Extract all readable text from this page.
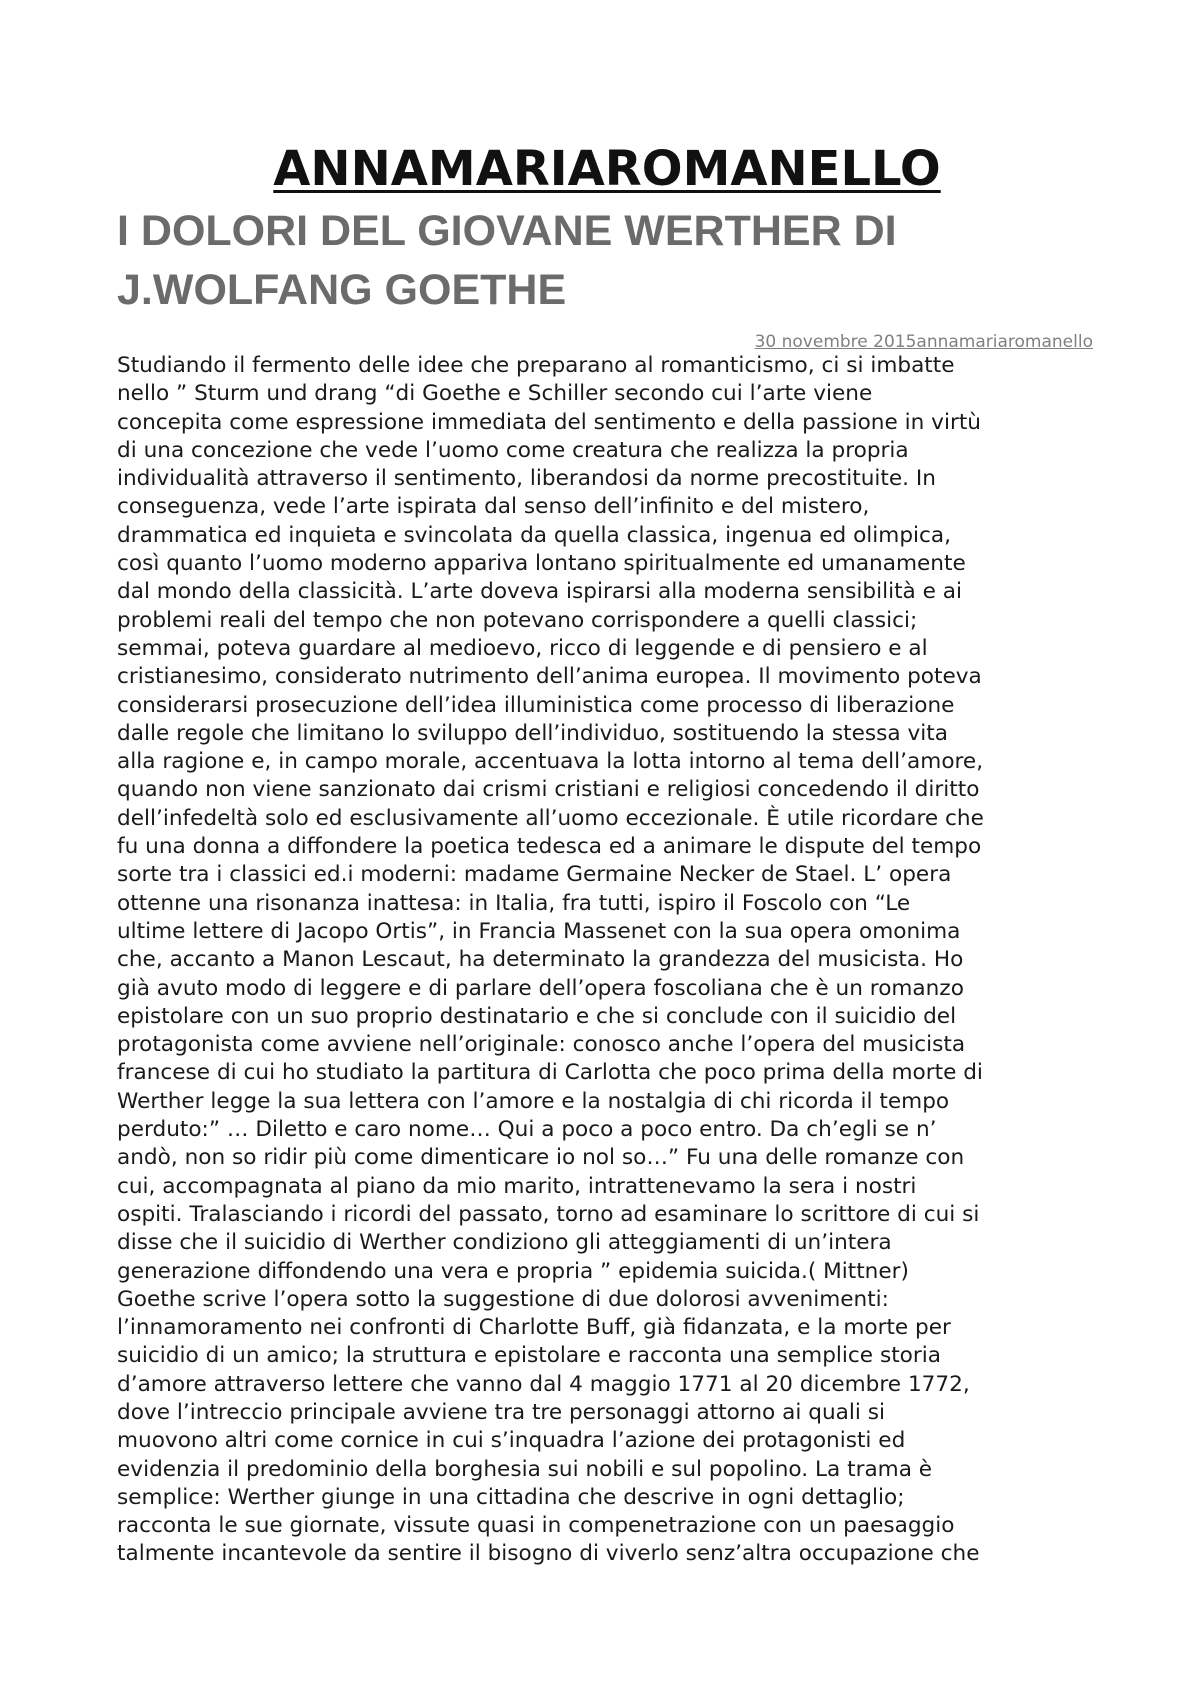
ANNAMARIAROMANELLO
I DOLORI DEL GIOVANE WERTHER DI J.WOLFANG GOETHE
30 novembre 2015annamariaromanello
Studiando il fermento delle idee che preparano al romanticismo, ci si imbatte
nello ” Sturm und drang “di Goethe e Schiller secondo cui l’arte viene
concepita come espressione immediata del sentimento e della passione in virtù
di una concezione che vede l’uomo come creatura che realizza la propria
individualità attraverso il sentimento, liberandosi da norme precostituite. In
conseguenza, vede l’arte ispirata dal senso dell’infinito e del mistero,
drammatica ed inquieta e svincolata da quella classica, ingenua ed olimpica,
così quanto l’uomo moderno appariva lontano spiritualmente ed umanamente
dal mondo della classicità. L’arte doveva ispirarsi alla moderna sensibilità e ai
problemi reali del tempo che non potevano corrispondere a quelli classici;
semmai, poteva guardare al medioevo, ricco di leggende e di pensiero e al
cristianesimo, considerato nutrimento dell’anima europea. Il movimento poteva
considerarsi prosecuzione dell’idea illuministica come processo di liberazione
dalle regole che limitano lo sviluppo dell’individuo, sostituendo la stessa vita
alla ragione e, in campo morale, accentuava la lotta intorno al tema dell’amore,
quando non viene sanzionato dai crismi cristiani e religiosi concedendo il diritto
dell’infedeltà solo ed esclusivamente all’uomo eccezionale. È utile ricordare che
fu una donna a diffondere la poetica tedesca ed a animare le dispute del tempo
sorte tra i classici ed.i moderni: madame Germaine Necker de Stael. L’ opera
ottenne una risonanza inattesa: in Italia, fra tutti, ispiro il Foscolo con “Le
ultime lettere di Jacopo Ortis”, in Francia Massenet con la sua opera omonima
che, accanto a Manon Lescaut, ha determinato la grandezza del musicista. Ho
già avuto modo di leggere e di parlare dell’opera foscoliana che è un romanzo
epistolare con un suo proprio destinatario e che si conclude con il suicidio del
protagonista come avviene nell’originale: conosco anche l’opera del musicista
francese di cui ho studiato la partitura di Carlotta che poco prima della morte di
Werther legge la sua lettera con l’amore e la nostalgia di chi ricorda il tempo
perduto:” … Diletto e caro nome… Qui a poco a poco entro. Da ch’egli se n’
andò, non so ridir più come dimenticare io nol so…” Fu una delle romanze con
cui, accompagnata al piano da mio marito, intrattenevamo la sera i nostri
ospiti. Tralasciando i ricordi del passato, torno ad esaminare lo scrittore di cui si
disse che il suicidio di Werther condiziono gli atteggiamenti di un’intera
generazione diffondendo una vera e propria ” epidemia suicida.( Mittner)
Goethe scrive l’opera sotto la suggestione di due dolorosi avvenimenti:
l’innamoramento nei confronti di Charlotte Buff, già fidanzata, e la morte per
suicidio di un amico; la struttura e epistolare e racconta una semplice storia
d’amore attraverso lettere che vanno dal 4 maggio 1771 al 20 dicembre 1772,
dove l’intreccio principale avviene tra tre personaggi attorno ai quali si
muovono altri come cornice in cui s’inquadra l’azione dei protagonisti ed
evidenzia il predominio della borghesia sui nobili e sul popolino. La trama è
semplice: Werther giunge in una cittadina che descrive in ogni dettaglio;
racconta le sue giornate, vissute quasi in compenetrazione con un paesaggio
talmente incantevole da sentire il bisogno di viverlo senz’altra occupazione che
